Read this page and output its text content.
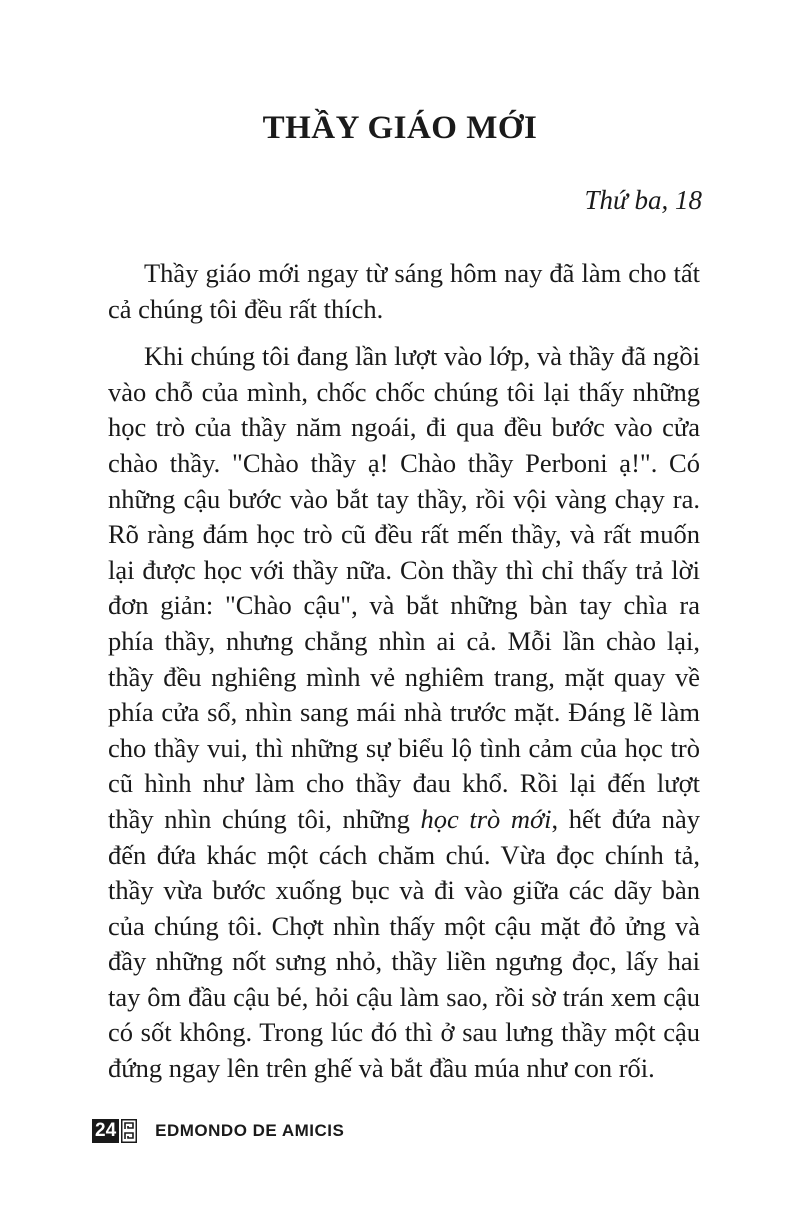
THẦY GIÁO MỚI

Thứ ba, 18

Thầy giáo mới ngay từ sáng hôm nay đã làm cho tất cả chúng tôi đều rất thích.

Khi chúng tôi đang lần lượt vào lớp, và thầy đã ngồi vào chỗ của mình, chốc chốc chúng tôi lại thấy những học trò của thầy năm ngoái, đi qua đều bước vào cửa chào thầy. "Chào thầy ạ! Chào thầy Perboni ạ!". Có những cậu bước vào bắt tay thầy, rồi vội vàng chạy ra. Rõ ràng đám học trò cũ đều rất mến thầy, và rất muốn lại được học với thầy nữa. Còn thầy thì chỉ thấy trả lời đơn giản: "Chào cậu", và bắt những bàn tay chìa ra phía thầy, nhưng chẳng nhìn ai cả. Mỗi lần chào lại, thầy đều nghiêng mình vẻ nghiêm trang, mặt quay về phía cửa sổ, nhìn sang mái nhà trước mặt. Đáng lẽ làm cho thầy vui, thì những sự biểu lộ tình cảm của học trò cũ hình như làm cho thầy đau khổ. Rồi lại đến lượt thầy nhìn chúng tôi, những học trò mới, hết đứa này đến đứa khác một cách chăm chú. Vừa đọc chính tả, thầy vừa bước xuống bục và đi vào giữa các dãy bàn của chúng tôi. Chợt nhìn thấy một cậu mặt đỏ ửng và đầy những nốt sưng nhỏ, thầy liền ngưng đọc, lấy hai tay ôm đầu cậu bé, hỏi cậu làm sao, rồi sờ trán xem cậu có sốt không. Trong lúc đó thì ở sau lưng thầy một cậu đứng ngay lên trên ghế và bắt đầu múa như con rối.

24 EDMONDO DE AMICIS
